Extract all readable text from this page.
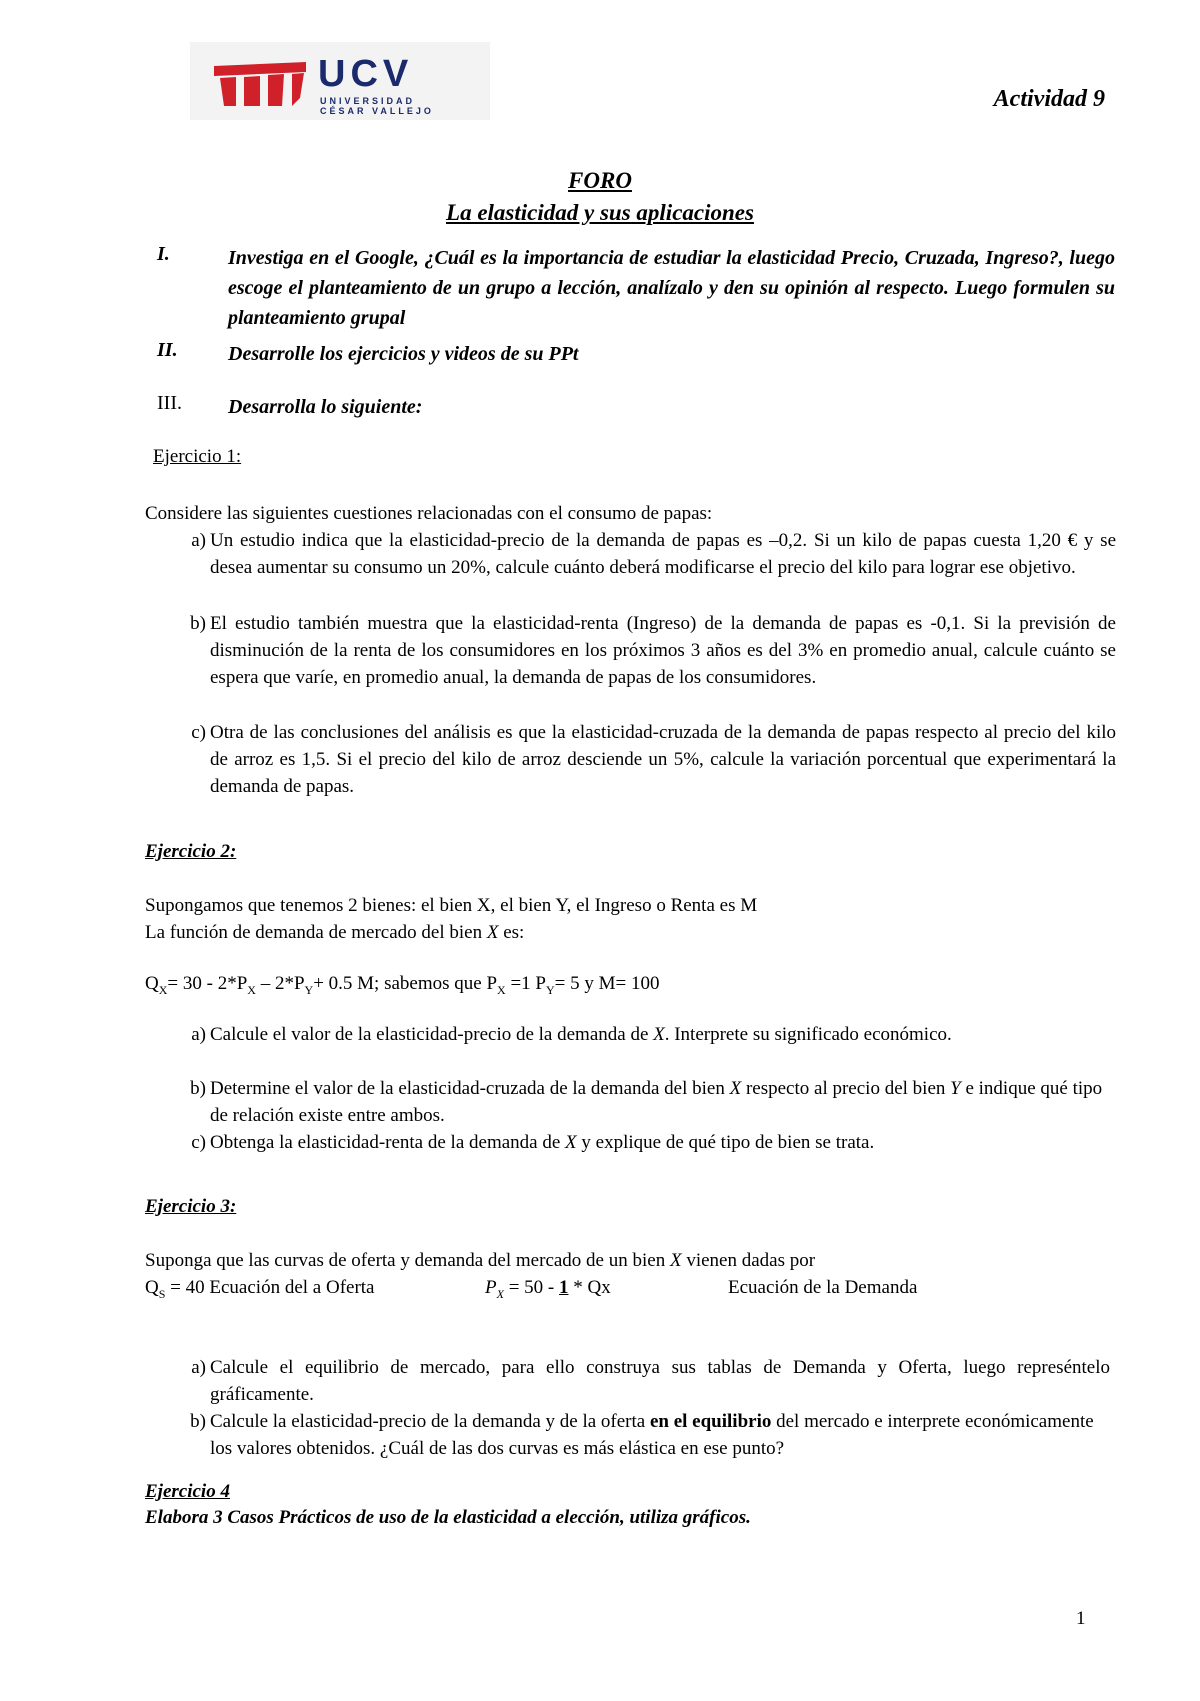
UCV
UNIVERSIDAD
CÉSAR VALLEJO	Actividad 9
FORO
La elasticidad y sus aplicaciones
I.	Investiga en el Google, ¿Cuál es la importancia de estudiar la elasticidad Precio, Cruzada, Ingreso?, luego escoge el planteamiento de un grupo a lección, analízalo y den su opinión al respecto. Luego formulen su planteamiento grupal
II.	Desarrolle los ejercicios y videos de su PPt
III. Desarrolla lo siguiente:
Ejercicio 1:
Considere las siguientes cuestiones relacionadas con el consumo de papas:
a) Un estudio indica que la elasticidad-precio de la demanda de papas es –0,2. Si un kilo de papas cuesta 1,20 € y se desea aumentar su consumo un 20%, calcule cuánto deberá modificarse el precio del kilo para lograr ese objetivo.
b) El estudio también muestra que la elasticidad-renta (Ingreso) de la demanda de papas es -0,1. Si la previsión de disminución de la renta de los consumidores en los próximos 3 años es del 3% en promedio anual, calcule cuánto se espera que varíe, en promedio anual, la demanda de papas de los consumidores.
c) Otra de las conclusiones del análisis es que la elasticidad-cruzada de la demanda de papas respecto al precio del kilo de arroz es 1,5. Si el precio del kilo de arroz desciende un 5%, calcule la variación porcentual que experimentará la demanda de papas.
Ejercicio 2:
Supongamos que tenemos 2 bienes: el bien X, el bien Y, el Ingreso o Renta es M
La función de demanda de mercado del bien X es:
$Q_X= 30 - 2*P_X - 2*P_Y+ 0.5$ M; sabemos que $P_X =1$ $P_Y= 5$ y M= 100
a) Calcule el valor de la elasticidad-precio de la demanda de X. Interprete su significado económico.
b) Determine el valor de la elasticidad-cruzada de la demanda del bien X respecto al precio del bien Y e indique qué tipo de relación existe entre ambos.
c) Obtenga la elasticidad-renta de la demanda de X y explique de qué tipo de bien se trata.
Ejercicio 3:
Suponga que las curvas de oferta y demanda del mercado de un bien X vienen dadas por
$Q_S = 40$ Ecuación del a Oferta	$P_X = 50 - 1 * Qx$	Ecuación de la Demanda
a) Calcule el equilibrio de mercado, para ello construya sus tablas de Demanda y Oferta, luego represéntelo gráficamente.
b) Calcule la elasticidad-precio de la demanda y de la oferta en el equilibrio del mercado e interprete económicamente los valores obtenidos. ¿Cuál de las dos curvas es más elástica en ese punto?
Ejercicio 4
Elabora 3 Casos Prácticos de uso de la elasticidad a elección, utiliza gráficos.
1
